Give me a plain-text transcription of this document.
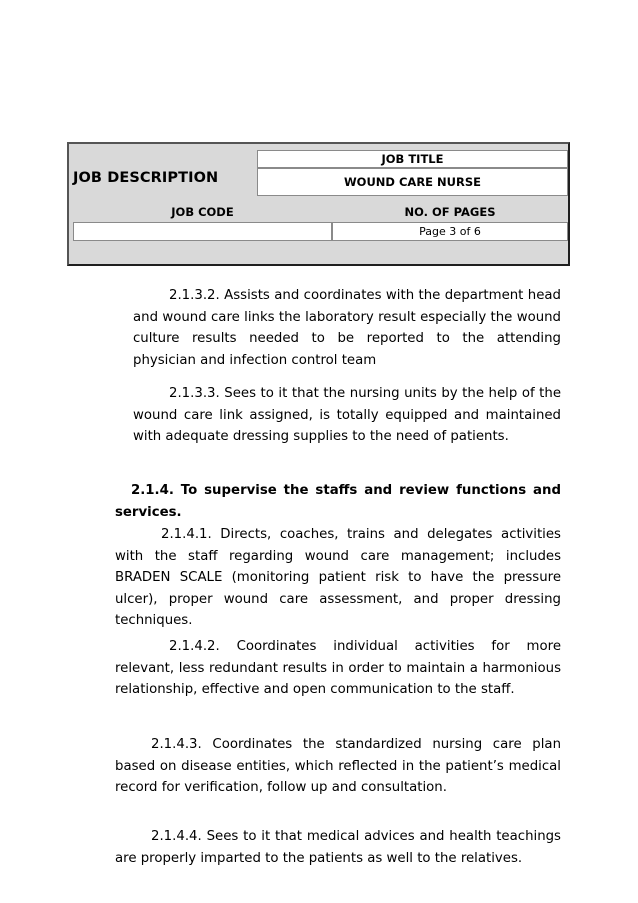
JOB DESCRIPTION
JOB TITLE
WOUND CARE NURSE
JOB CODE	NO. OF PAGES
Page 3 of 6

2.1.3.2. Assists and coordinates with the department head and wound care links the laboratory result especially the wound culture results needed to be reported to the attending physician and infection control team

2.1.3.3. Sees to it that the nursing units by the help of the wound care link assigned, is totally equipped and maintained with adequate dressing supplies to the need of patients.

2.1.4. To supervise the staffs and review functions and services.

2.1.4.1. Directs, coaches, trains and delegates activities with the staff regarding wound care management; includes BRADEN SCALE (monitoring patient risk to have the pressure ulcer), proper wound care assessment, and proper dressing techniques.

2.1.4.2. Coordinates individual activities for more relevant, less redundant results in order to maintain a harmonious relationship, effective and open communication to the staff.

2.1.4.3. Coordinates the standardized nursing care plan based on disease entities, which reflected in the patient’s medical record for verification, follow up and consultation.

2.1.4.4. Sees to it that medical advices and health teachings are properly imparted to the patients as well to the relatives.
